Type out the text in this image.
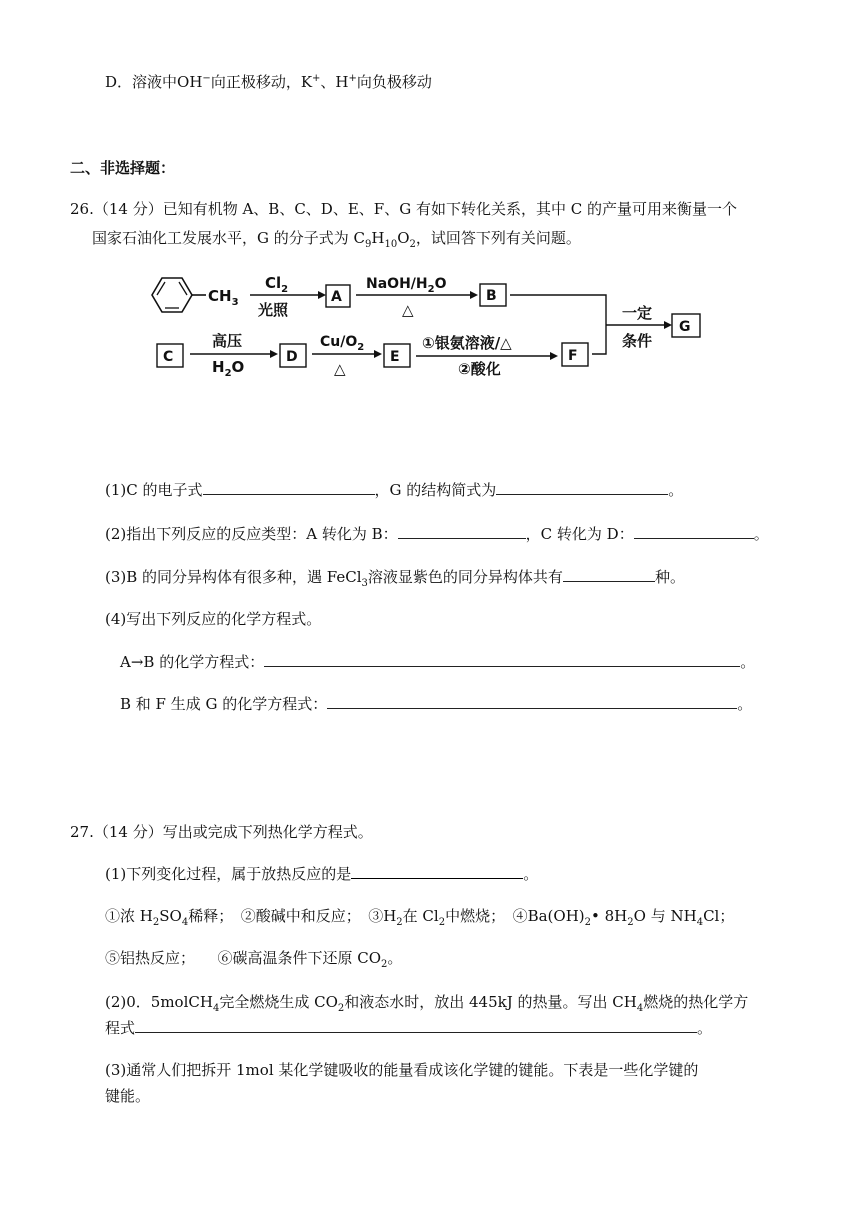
D．溶液中OH−向正极移动，K+、H+向负极移动
二、非选择题：
26.（14 分）已知有机物 A、B、C、D、E、F、G 有如下转化关系，其中 C 的产量可用来衡量一个
国家石油化工发展水平，G 的分子式为 $C_9H_{10}O_2$，试回答下列有关问题。
$CH_3$
$Cl_2$
光照
A
NaOH/$H_2O$
△
B
C
高压
$H_2O$
D
$Cu/O_2$
△
E
①银氨溶液/△
②酸化
F
一定
条件
G
(1)C 的电子式	，G 的结构简式为	。
(2)指出下列反应的反应类型：A 转化为 B：	，C 转化为 D：	。
(3)B 的同分异构体有很多种，遇 FeCl$_3$溶液显紫色的同分异构体共有	种。
(4)写出下列反应的化学方程式。
A→B 的化学方程式：	。
B 和 F 生成 G 的化学方程式：	。
27.（14 分）写出或完成下列热化学方程式。
(1)下列变化过程，属于放热反应的是	。
①浓 $H_2SO_4$稀释；　②酸碱中和反应；　$③H_2$在 $Cl_2$中燃烧；　$④Ba(OH)_2•$ $8H_2O$ 与 $NH_4Cl$；
⑤铝热反应；　　⑥碳高温条件下还原 $CO_2$。
(2)0．5molCH$_4$完全燃烧生成 $CO_2$和液态水时，放出 445kJ 的热量。写出 $CH_4$燃烧的热化学方
程式	。
(3)通常人们把拆开 1mol 某化学键吸收的能量看成该化学键的键能。下表是一些化学键的
键能。
